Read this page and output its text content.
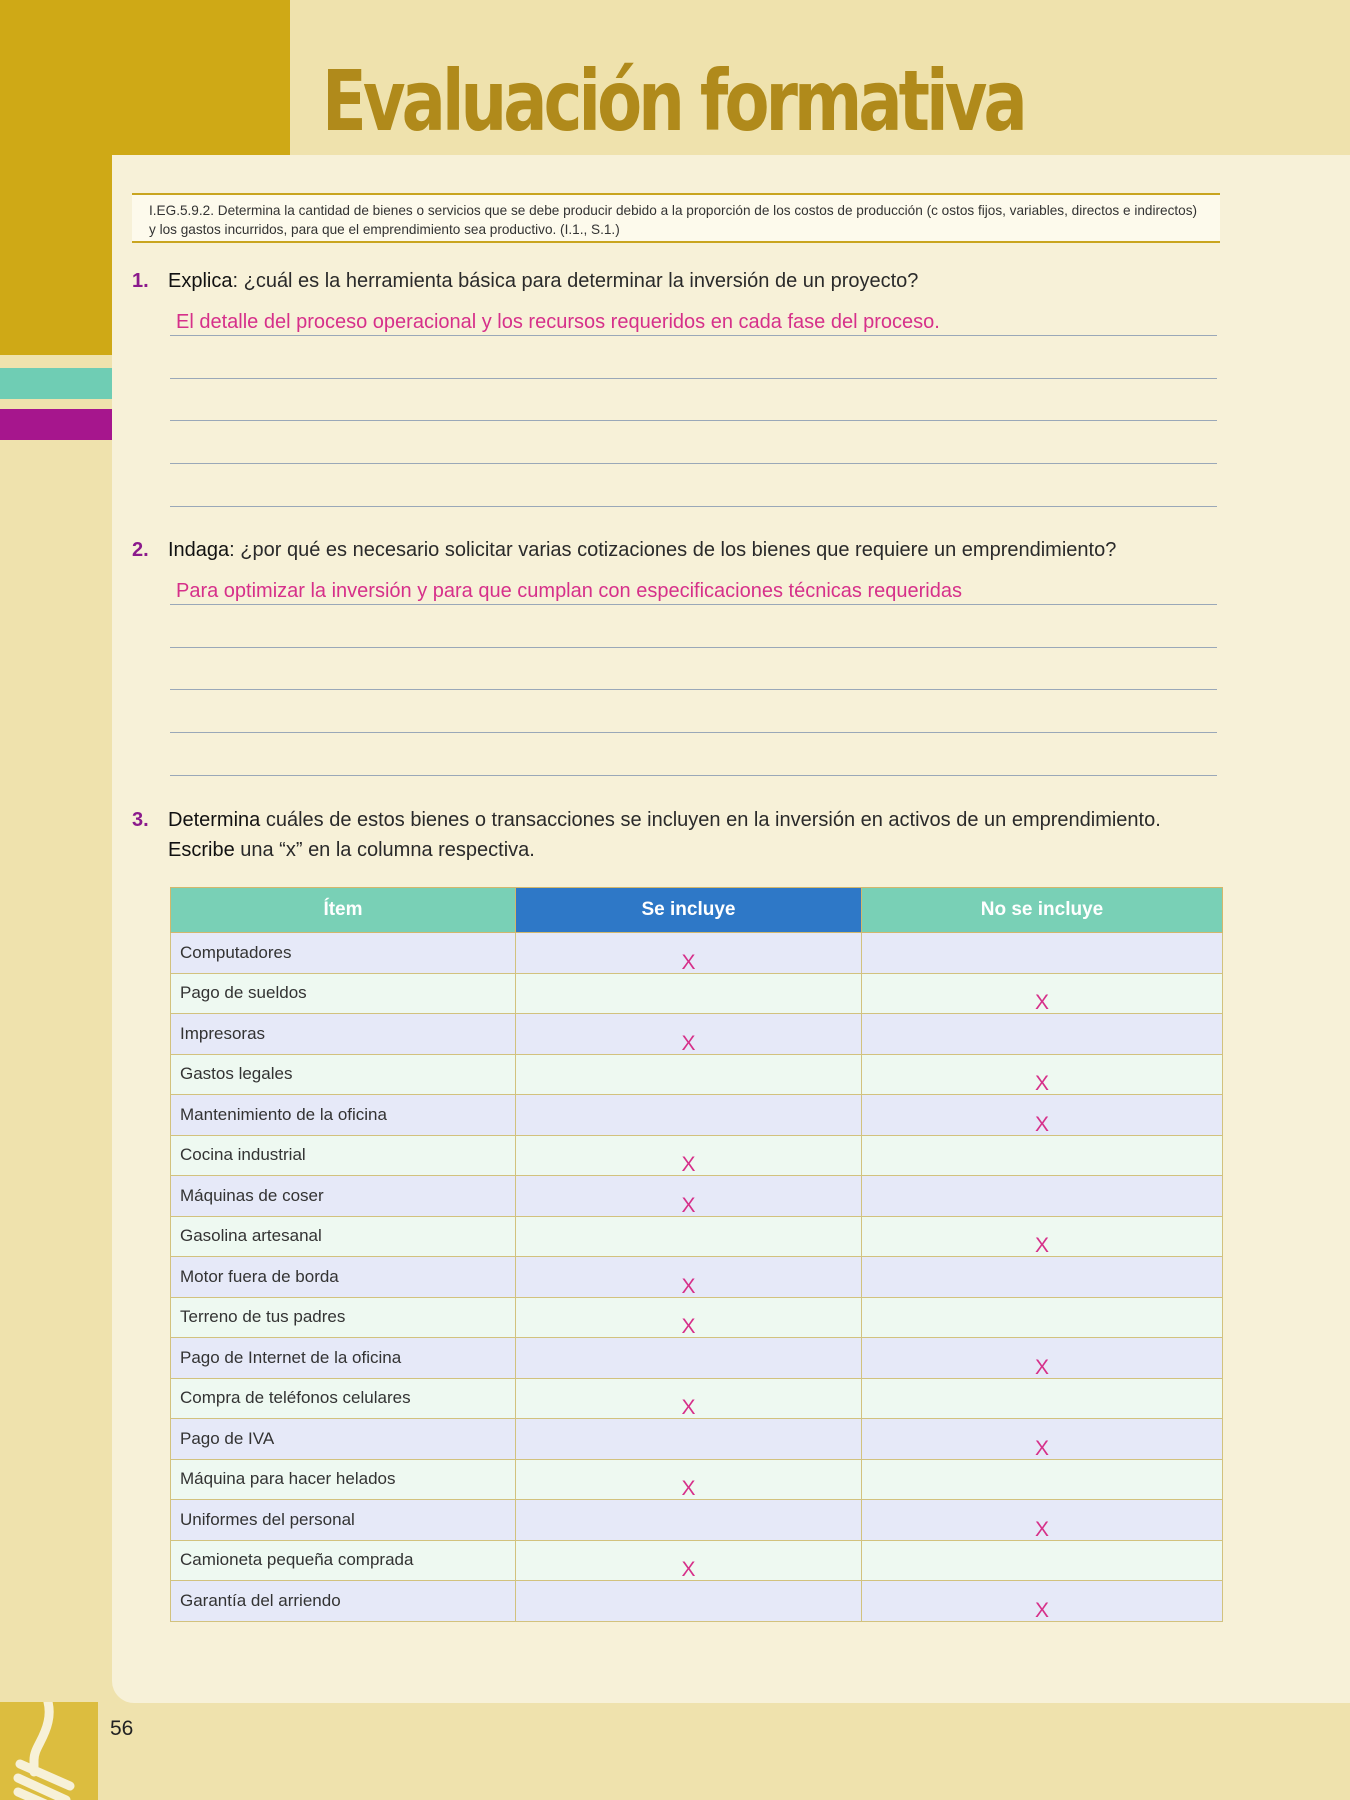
Evaluación formativa
I.EG.5.9.2. Determina la cantidad de bienes o servicios que se debe producir debido a la proporción de los costos de producción (c ostos fijos, variables, directos e indirectos) y los gastos incurridos, para que el emprendimiento sea productivo. (I.1., S.1.)
1. Explica: ¿cuál es la herramienta básica para determinar la inversión de un proyecto?
El detalle del proceso operacional y los recursos requeridos en cada fase del proceso.
2. Indaga: ¿por qué es necesario solicitar varias cotizaciones de los bienes que requiere un emprendimiento?
Para optimizar la inversión y para que cumplan con especificaciones técnicas requeridas
3. Determina cuáles de estos bienes o transacciones se incluyen en la inversión en activos de un emprendimiento.
Escribe una “x” en la columna respectiva.
Ítem	Se incluye	No se incluye
Computadores	X	
Pago de sueldos		X
Impresoras	X	
Gastos legales		X
Mantenimiento de la oficina		X
Cocina industrial	X	
Máquinas de coser	X	
Gasolina artesanal		X
Motor fuera de borda	X	
Terreno de tus padres	X	
Pago de Internet de la oficina		X
Compra de teléfonos celulares	X	
Pago de IVA		X
Máquina para hacer helados	X	
Uniformes del personal		X
Camioneta pequeña comprada	X	
Garantía del arriendo		X
56
